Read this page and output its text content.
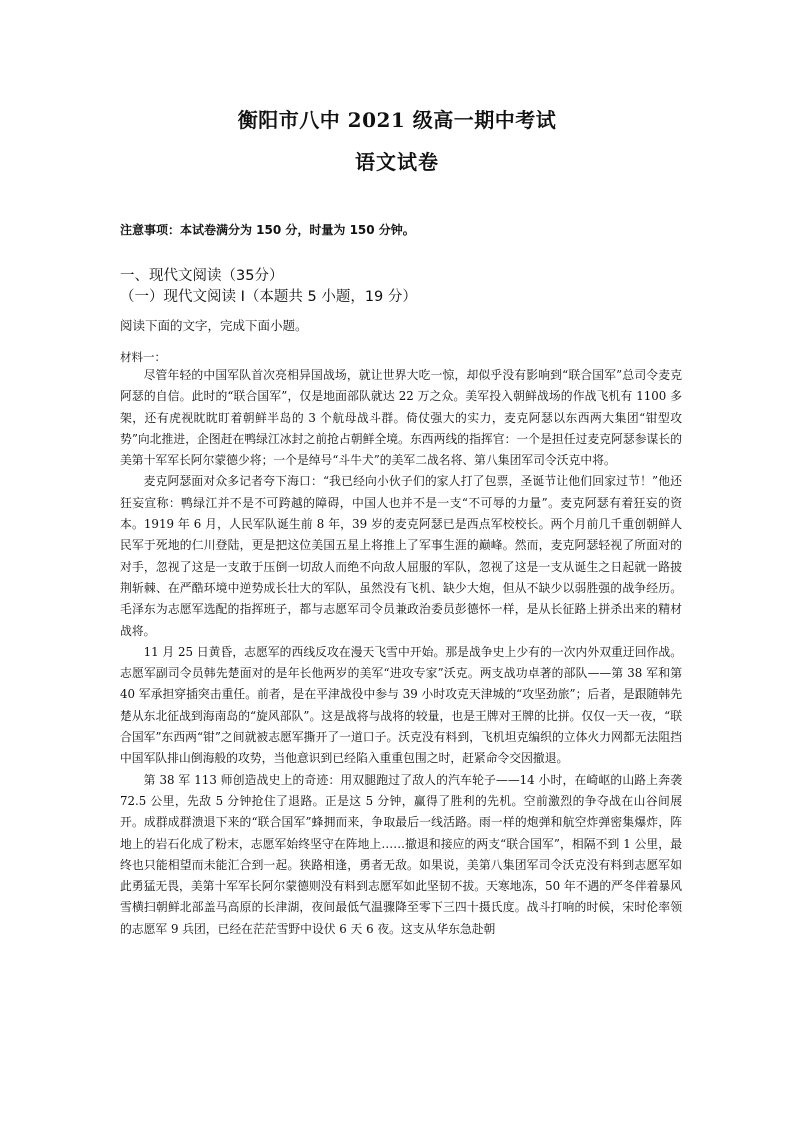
衡阳市八中 2021 级高一期中考试
语文试卷
注意事项：本试卷满分为 150 分，时量为 150 分钟。
一、现代文阅读（35分）
（一）现代文阅读 I（本题共 5 小题，19 分）
阅读下面的文字，完成下面小题。
材料一：

尽管年轻的中国军队首次亮相异国战场，就让世界大吃一惊，却似乎没有影响到“联合国军”总司令麦克阿瑟的自信。此时的“联合国军”，仅是地面部队就达 22 万之众。美军投入朝鲜战场的作战飞机有 1100 多架，还有虎视眈眈盯着朝鲜半岛的 3 个航母战斗群。倚仗强大的实力，麦克阿瑟以东西两大集团“钳型攻势”向北推进，企图赶在鸭绿江冰封之前抢占朝鲜全境。东西两线的指挥官：一个是担任过麦克阿瑟参谋长的美第十军军长阿尔蒙德少将；一个是绰号“斗牛犬”的美军二战名将、第八集团军司令沃克中将。

麦克阿瑟面对众多记者夸下海口：“我已经向小伙子们的家人打了包票，圣诞节让他们回家过节！”他还狂妄宣称：鸭绿江并不是不可跨越的障碍，中国人也并不是一支“不可辱的力量”。麦克阿瑟有着狂妄的资本。1919 年 6 月，人民军队诞生前 8 年，39 岁的麦克阿瑟已是西点军校校长。两个月前几千重创朝鲜人民军于死地的仁川登陆，更是把这位美国五星上将推上了军事生涯的巅峰。然而，麦克阿瑟轻视了所面对的对手，忽视了这是一支敢于压倒一切敌人而绝不向敌人屈服的军队，忽视了这是一支从诞生之日起就一路披荆斩棘、在严酷环境中逆势成长壮大的军队，虽然没有飞机、缺少大炮，但从不缺少以弱胜强的战争经历。毛泽东为志愿军选配的指挥班子，都与志愿军司令员兼政治委员彭德怀一样，是从长征路上拼杀出来的精材战将。

11 月 25 日黄昏，志愿军的西线反攻在漫天飞雪中开始。那是战争史上少有的一次内外双重迂回作战。志愿军副司令员韩先楚面对的是年长他两岁的美军“进攻专家”沃克。两支战功卓著的部队——第 38 军和第 40 军承担穿插突击重任。前者，是在平津战役中参与 39 小时攻克天津城的“攻坚劲旅”；后者，是跟随韩先楚从东北征战到海南岛的“旋风部队”。这是战将与战将的较量，也是王牌对王牌的比拼。仅仅一天一夜，“联合国军”东西两“钳”之间就被志愿军撕开了一道口子。沃克没有料到，飞机坦克编织的立体火力网都无法阻挡中国军队排山倒海般的攻势，当他意识到已经陷入重重包围之时，赶紧命令交因撤退。

第 38 军 113 师创造战史上的奇迹：用双腿跑过了敌人的汽车轮子——14 小时，在崎岖的山路上奔袭 72.5 公里，先敌 5 分钟抢住了退路。正是这 5 分钟，赢得了胜利的先机。空前激烈的争夺战在山谷间展开。成群成群溃退下来的“联合国军”蜂拥而来，争取最后一线活路。雨一样的炮弹和航空炸弹密集爆炸，阵地上的岩石化成了粉末，志愿军始终坚守在阵地上……撤退和接应的两支“联合国军”，相隔不到 1 公里，最终也只能相望而未能汇合到一起。狭路相逢，勇者无敌。如果说，美第八集团军司令沃克没有料到志愿军如此勇猛无畏，美第十军军长阿尔蒙德则没有料到志愿军如此坚韧不拔。天寒地冻，50 年不遇的严冬伴着暴风雪横扫朝鲜北部盖马高原的长津湖，夜间最低气温骤降至零下三四十摄氏度。战斗打响的时候，宋时伦率领的志愿军 9 兵团，已经在茫茫雪野中设伏 6 天 6 夜。这支从华东急赴朝
